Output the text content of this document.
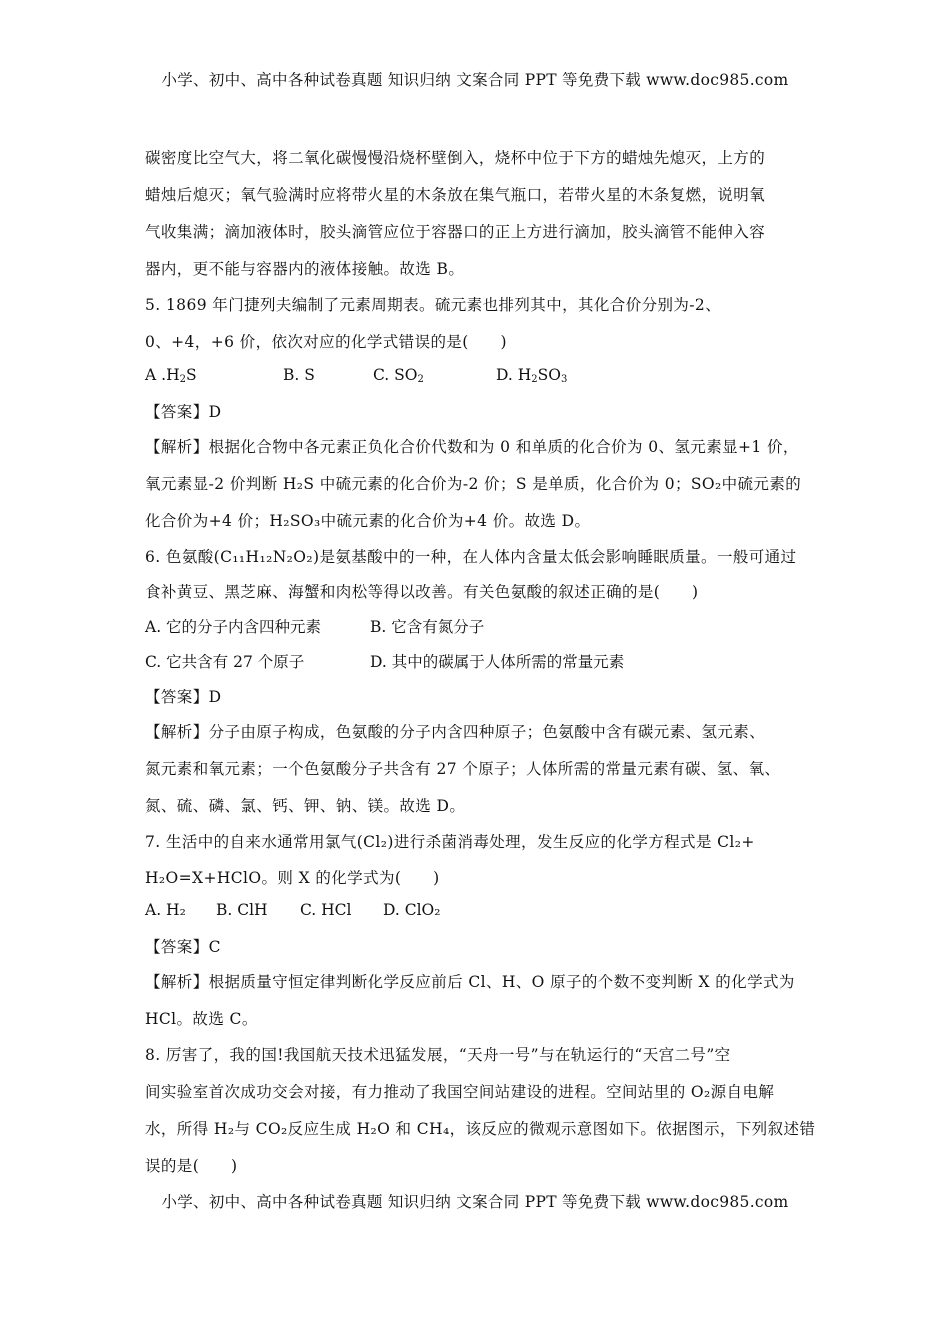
小学、初中、高中各种试卷真题 知识归纳 文案合同 PPT 等免费下载 www.doc985.com
碳密度比空气大，将二氧化碳慢慢沿烧杯壁倒入，烧杯中位于下方的蜡烛先熄灭，上方的
蜡烛后熄灭；氧气验满时应将带火星的木条放在集气瓶口，若带火星的木条复燃，说明氧
气收集满；滴加液体时，胶头滴管应位于容器口的正上方进行滴加，胶头滴管不能伸入容
器内，更不能与容器内的液体接触。故选 B。
5. 1869 年门捷列夫编制了元素周期表。硫元素也排列其中，其化合价分别为-2、
0、+4，+6 价，依次对应的化学式错误的是(　　)
A $.H_2S$	B. S	C. $SO_2$	D. $H_2SO_3$
【答案】D
【解析】根据化合物中各元素正负化合价代数和为 0 和单质的化合价为 0、氢元素显+1 价，
氧元素显-2 价判断 H₂S 中硫元素的化合价为-2 价；S 是单质，化合价为 0；SO₂中硫元素的
化合价为+4 价；H₂SO₃中硫元素的化合价为+4 价。故选 D。
6. 色氨酸(C₁₁H₁₂N₂O₂)是氨基酸中的一种，在人体内含量太低会影响睡眠质量。一般可通过
食补黄豆、黑芝麻、海蟹和肉松等得以改善。有关色氨酸的叙述正确的是(　　)
A. 它的分子内含四种元素	B. 它含有氮分子
C. 它共含有 27 个原子	D. 其中的碳属于人体所需的常量元素
【答案】D
【解析】分子由原子构成，色氨酸的分子内含四种原子；色氨酸中含有碳元素、氢元素、
氮元素和氧元素；一个色氨酸分子共含有 27 个原子；人体所需的常量元素有碳、氢、氧、
氮、硫、磷、氯、钙、钾、钠、镁。故选 D。
7. 生活中的自来水通常用氯气(Cl₂)进行杀菌消毒处理，发生反应的化学方程式是 Cl₂+
H₂O=X+HClO。则 X 的化学式为(　　)
A. H₂ B. ClH C. HCl D. ClO₂
【答案】C
【解析】根据质量守恒定律判断化学反应前后 Cl、H、O 原子的个数不变判断 X 的化学式为
HCl。故选 C。
8. 厉害了，我的国!我国航天技术迅猛发展，“天舟一号”与在轨运行的“天宫二号”空
间实验室首次成功交会对接，有力推动了我国空间站建设的进程。空间站里的 O₂源自电解
水，所得 H₂与 CO₂反应生成 H₂O 和 CH₄，该反应的微观示意图如下。依据图示，下列叙述错
误的是(　　)
小学、初中、高中各种试卷真题 知识归纳 文案合同 PPT 等免费下载 www.doc985.com
